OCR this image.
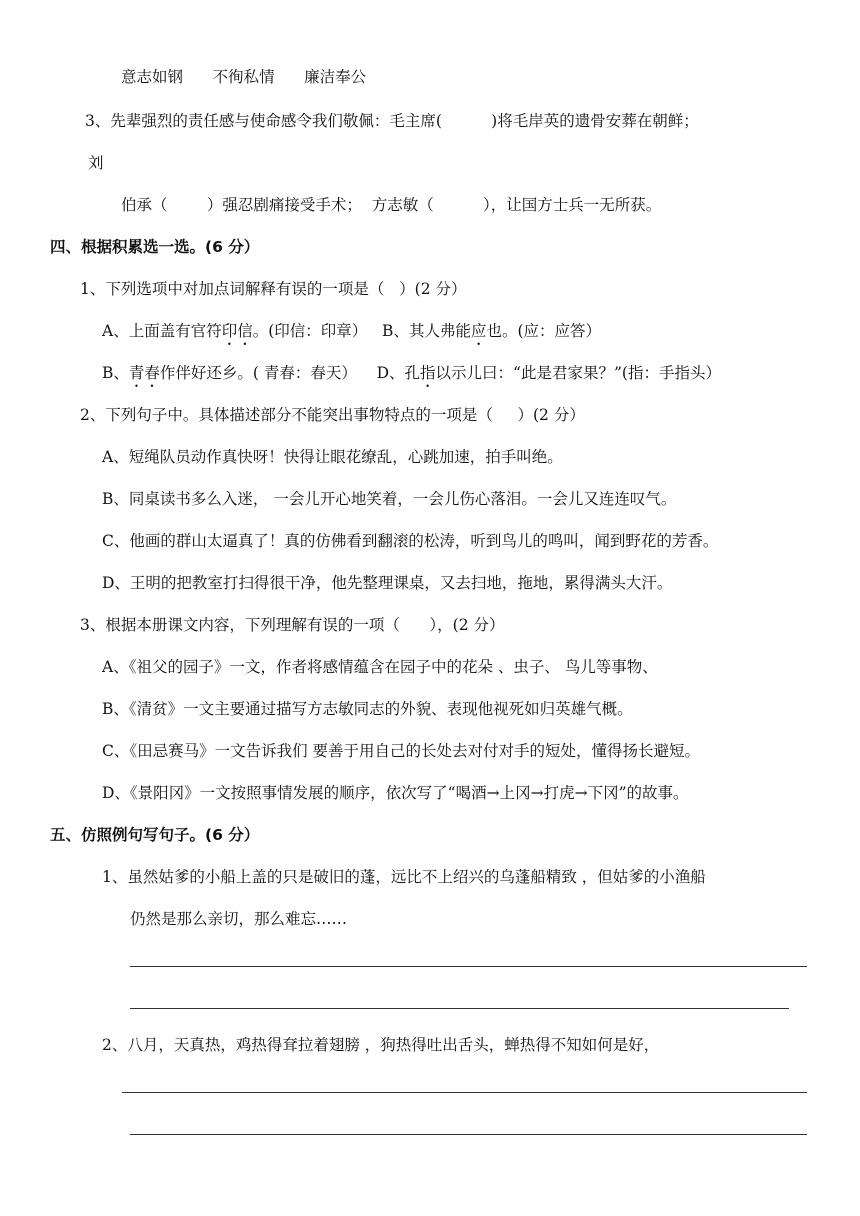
意志如钢      不徇私情      廉洁奉公
3、先辈强烈的责任感与使命感令我们敬佩：毛主席(          )将毛岸英的遗骨安葬在朝鲜；
刘
伯承（        ）强忍剧痛接受手术；  方志敏（          ），让国方士兵一无所获。
四、根据积累选一选。(6 分）
1、下列选项中对加点词解释有误的一项是（   ）(2 分）
A、上面盖有官符印信。(印信：印章）   B、其人弗能应也。(应：应答）
B、青春作伴好还乡。( 青春：春天）    D、孔指以示儿曰：“此是君家果？”(指：手指头）
2、下列句子中。具体描述部分不能突出事物特点的一项是（     ）(2 分）
A、短绳队员动作真快呀！快得让眼花缭乱，心跳加速，拍手叫绝。
B、同桌读书多么入迷， 一会儿开心地笑着，一会儿伤心落泪。一会儿又连连叹气。
C、他画的群山太逼真了！真的仿佛看到翻滚的松涛，听到鸟儿的鸣叫，闻到野花的芳香。
D、王明的把教室打扫得很干净，他先整理课桌，又去扫地，拖地，累得满头大汗。
3、根据本册课文内容，下列理解有误的一项（      ），(2 分）
A、《祖父的园子》一文，作者将感情蕴含在园子中的花朵 、虫子、 鸟儿等事物、
B、《清贫》一文主要通过描写方志敏同志的外貌、表现他视死如归英雄气概。
C、《田忌赛马》一文告诉我们 要善于用自己的长处去对付对手的短处，懂得扬长避短。
D、《景阳冈》一文按照事情发展的顺序，依次写了“喝酒→上冈→打虎→下冈”的故事。
五、仿照例句写句子。(6 分）
1、虽然姑爹的小船上盖的只是破旧的蓬，远比不上绍兴的乌蓬船精致 ，但姑爹的小渔船
仍然是那么亲切，那么难忘……
2、八月，天真热，鸡热得耷拉着翅膀 ，狗热得吐出舌头，蝉热得不知如何是好，
